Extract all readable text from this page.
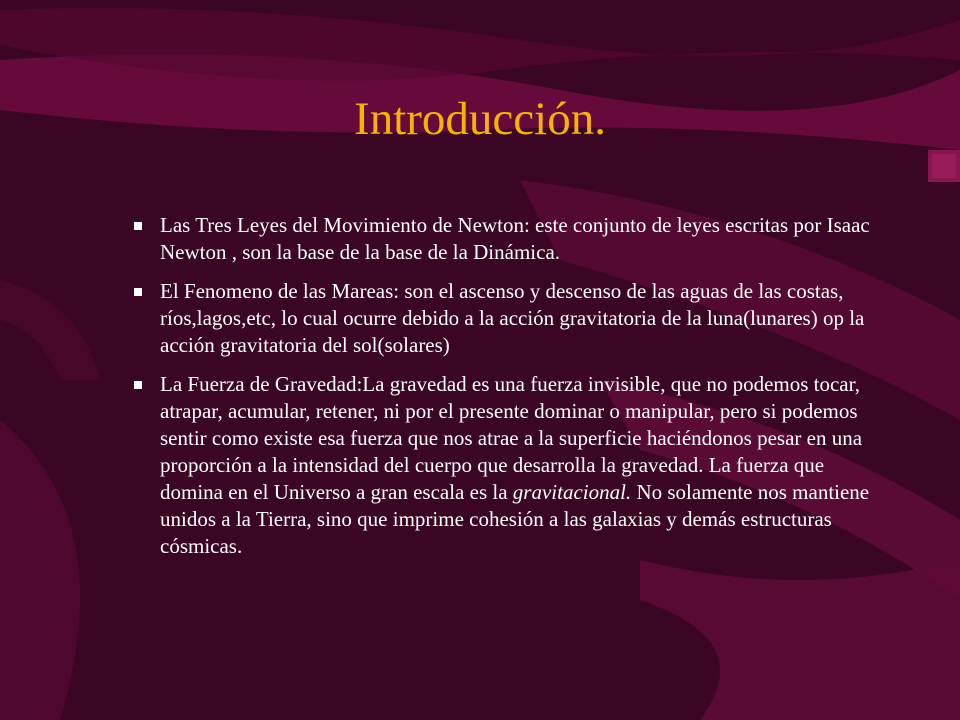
Introducción.
Las Tres Leyes del Movimiento de Newton: este conjunto de leyes escritas por Isaac Newton , son la base de la base de la Dinámica.
El Fenomeno de las Mareas: son el ascenso y descenso de las aguas de las costas, ríos,lagos,etc, lo cual ocurre debido a la acción gravitatoria de la luna(lunares) op la acción gravitatoria del sol(solares)
La Fuerza de Gravedad:La gravedad es una fuerza invisible, que no podemos tocar, atrapar, acumular, retener, ni por el presente dominar o manipular, pero si podemos sentir como existe esa fuerza que nos atrae a la superficie haciéndonos pesar en una proporción a la intensidad del cuerpo que desarrolla la gravedad. La fuerza que domina en el Universo a gran escala es la gravitacional. No solamente nos mantiene unidos a la Tierra, sino que imprime cohesión a las galaxias y demás estructuras cósmicas.
